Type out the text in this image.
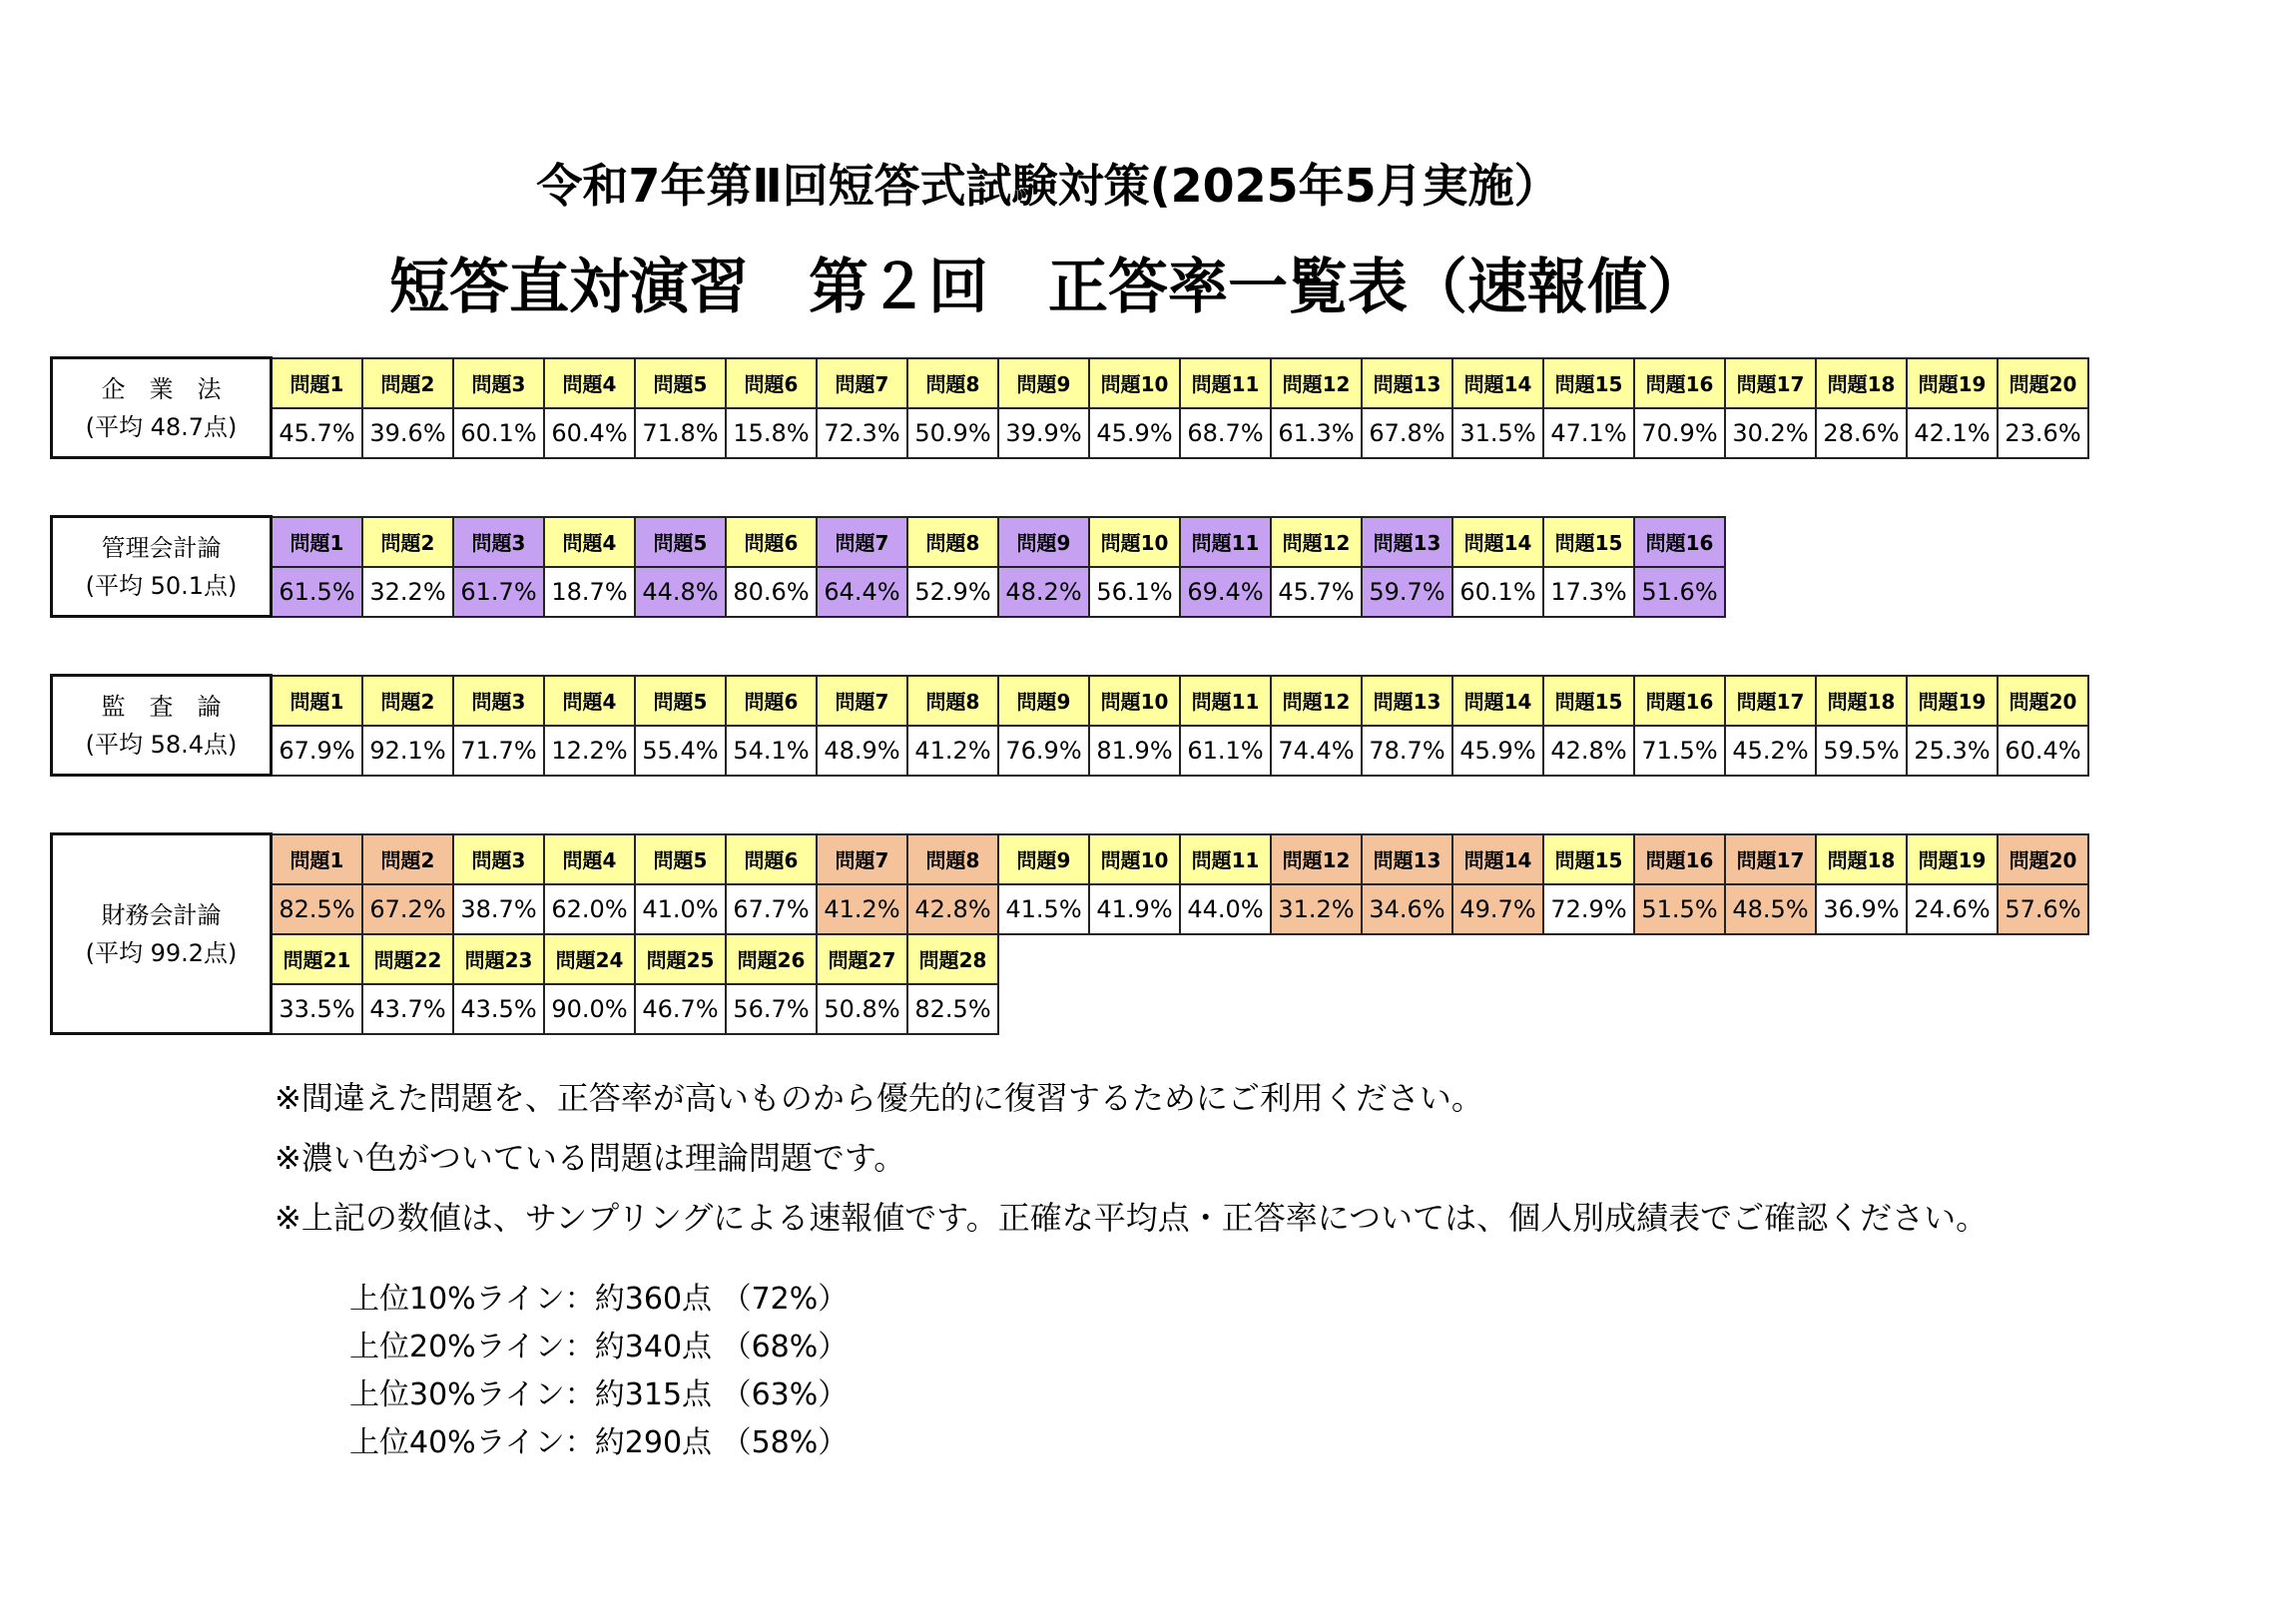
令和7年第Ⅱ回短答式試験対策(2025年5月実施）
短答直対演習　第２回　正答率一覧表（速報値）
企　業　法
(平均 48.7点)	問題1	問題2	問題3	問題4	問題5	問題6	問題7	問題8	問題9	問題10	問題11	問題12	問題13	問題14	問題15	問題16	問題17	問題18	問題19	問題20
	45.7%	39.6%	60.1%	60.4%	71.8%	15.8%	72.3%	50.9%	39.9%	45.9%	68.7%	61.3%	67.8%	31.5%	47.1%	70.9%	30.2%	28.6%	42.1%	23.6%
管理会計論
(平均 50.1点)	問題1	問題2	問題3	問題4	問題5	問題6	問題7	問題8	問題9	問題10	問題11	問題12	問題13	問題14	問題15	問題16
	61.5%	32.2%	61.7%	18.7%	44.8%	80.6%	64.4%	52.9%	48.2%	56.1%	69.4%	45.7%	59.7%	60.1%	17.3%	51.6%
監　査　論
(平均 58.4点)	問題1	問題2	問題3	問題4	問題5	問題6	問題7	問題8	問題9	問題10	問題11	問題12	問題13	問題14	問題15	問題16	問題17	問題18	問題19	問題20
	67.9%	92.1%	71.7%	12.2%	55.4%	54.1%	48.9%	41.2%	76.9%	81.9%	61.1%	74.4%	78.7%	45.9%	42.8%	71.5%	45.2%	59.5%	25.3%	60.4%
財務会計論
(平均 99.2点)	問題1	問題2	問題3	問題4	問題5	問題6	問題7	問題8	問題9	問題10	問題11	問題12	問題13	問題14	問題15	問題16	問題17	問題18	問題19	問題20
	82.5%	67.2%	38.7%	62.0%	41.0%	67.7%	41.2%	42.8%	41.5%	41.9%	44.0%	31.2%	34.6%	49.7%	72.9%	51.5%	48.5%	36.9%	24.6%	57.6%
	問題21	問題22	問題23	問題24	問題25	問題26	問題27	問題28												
	33.5%	43.7%	43.5%	90.0%	46.7%	56.7%	50.8%	82.5%												
※間違えた問題を、正答率が高いものから優先的に復習するためにご利用ください。
※濃い色がついている問題は理論問題です。
※上記の数値は、サンプリングによる速報値です。正確な平均点・正答率については、個人別成績表でご確認ください。
上位10%ライン：約360点 （72%）
上位20%ライン：約340点 （68%）
上位30%ライン：約315点 （63%）
上位40%ライン：約290点 （58%）
